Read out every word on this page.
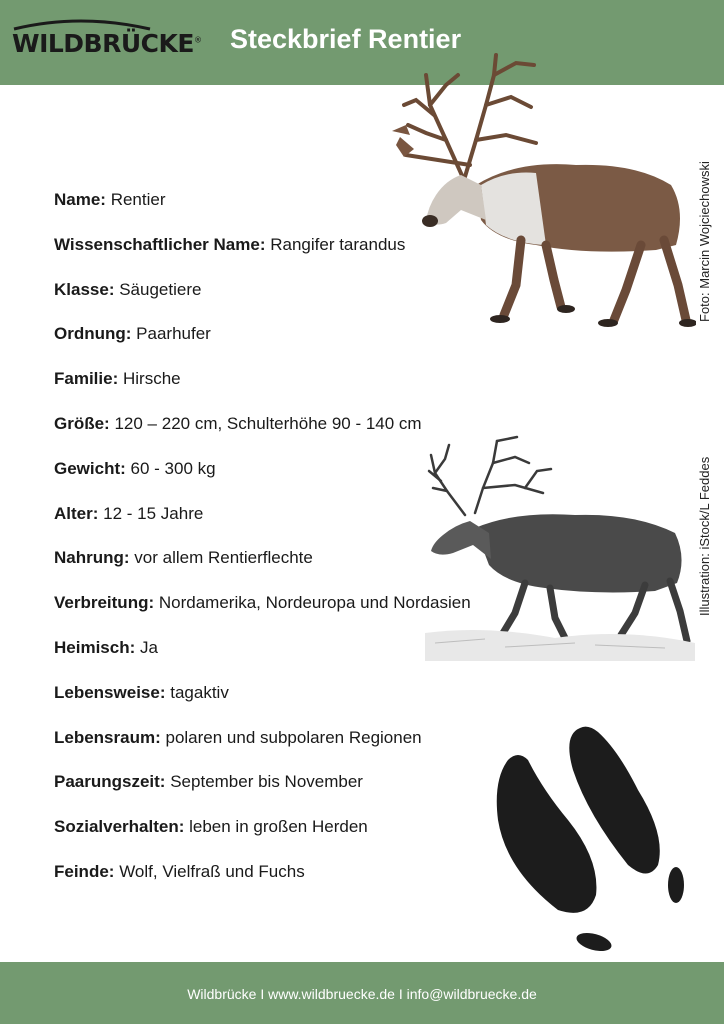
WILDBRÜCKE® Steckbrief Rentier
Name: Rentier
Wissenschaftlicher Name: Rangifer tarandus
Klasse: Säugetiere
Ordnung: Paarhufer
Familie: Hirsche
Größe: 120 – 220 cm, Schulterhöhe 90 - 140 cm
Gewicht: 60 - 300 kg
Alter: 12 - 15 Jahre
Nahrung: vor allem Rentierflechte
Verbreitung: Nordamerika, Nordeuropa und Nordasien
Heimisch: Ja
Lebensweise: tagaktiv
Lebensraum: polaren und subpolaren Regionen
Paarungszeit: September bis November
Sozialverhalten: leben in großen Herden
Feinde: Wolf, Vielfraß und Fuchs
Foto: Marcin Wojciechowski
Illustration: iStock/L Feddes
Wildbrücke I www.wildbruecke.de I info@wildbruecke.de
